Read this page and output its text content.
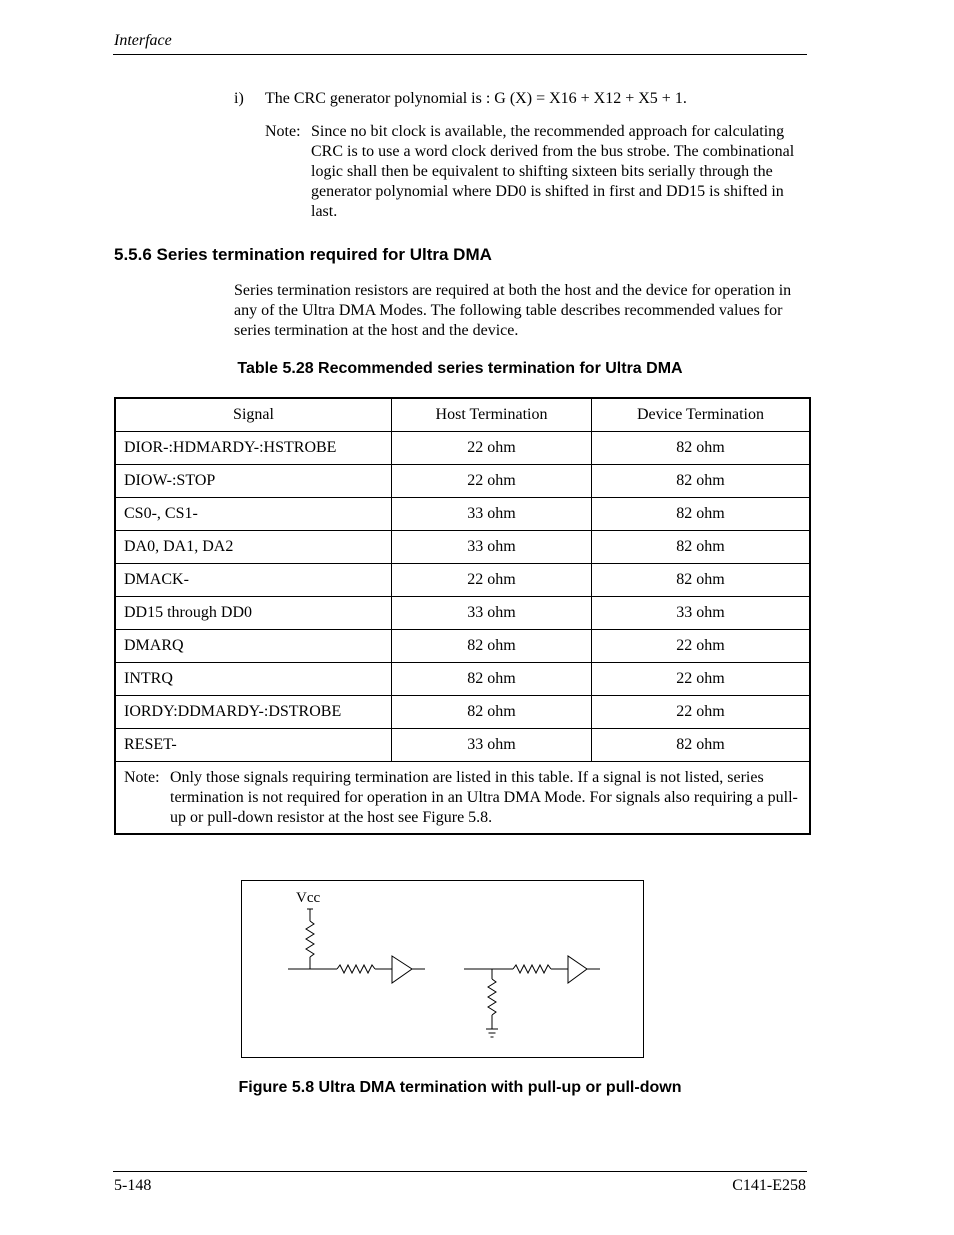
Interface
i) The CRC generator polynomial is : G (X) = X16 + X12 + X5 + 1.
Note: Since no bit clock is available, the recommended approach for calculating CRC is to use a word clock derived from the bus strobe. The combinational logic shall then be equivalent to shifting sixteen bits serially through the generator polynomial where DD0 is shifted in first and DD15 is shifted in last.
5.5.6 Series termination required for Ultra DMA
Series termination resistors are required at both the host and the device for operation in any of the Ultra DMA Modes. The following table describes recommended values for series termination at the host and the device.
Table 5.28 Recommended series termination for Ultra DMA
Signal	Host Termination	Device Termination
DIOR-:HDMARDY-:HSTROBE	22 ohm	82 ohm
DIOW-:STOP	22 ohm	82 ohm
CS0-, CS1-	33 ohm	82 ohm
DA0, DA1, DA2	33 ohm	82 ohm
DMACK-	22 ohm	82 ohm
DD15 through DD0	33 ohm	33 ohm
DMARQ	82 ohm	22 ohm
INTRQ	82 ohm	22 ohm
IORDY:DDMARDY-:DSTROBE	82 ohm	22 ohm
RESET-	33 ohm	82 ohm

Note: Only those signals requiring termination are listed in this table. If a signal is not listed, series termination is not required for operation in an Ultra DMA Mode. For signals also requiring a pull-up or pull-down resistor at the host see Figure 5.8.		
Vcc
Figure 5.8 Ultra DMA termination with pull-up or pull-down
5-148	C141-E258
